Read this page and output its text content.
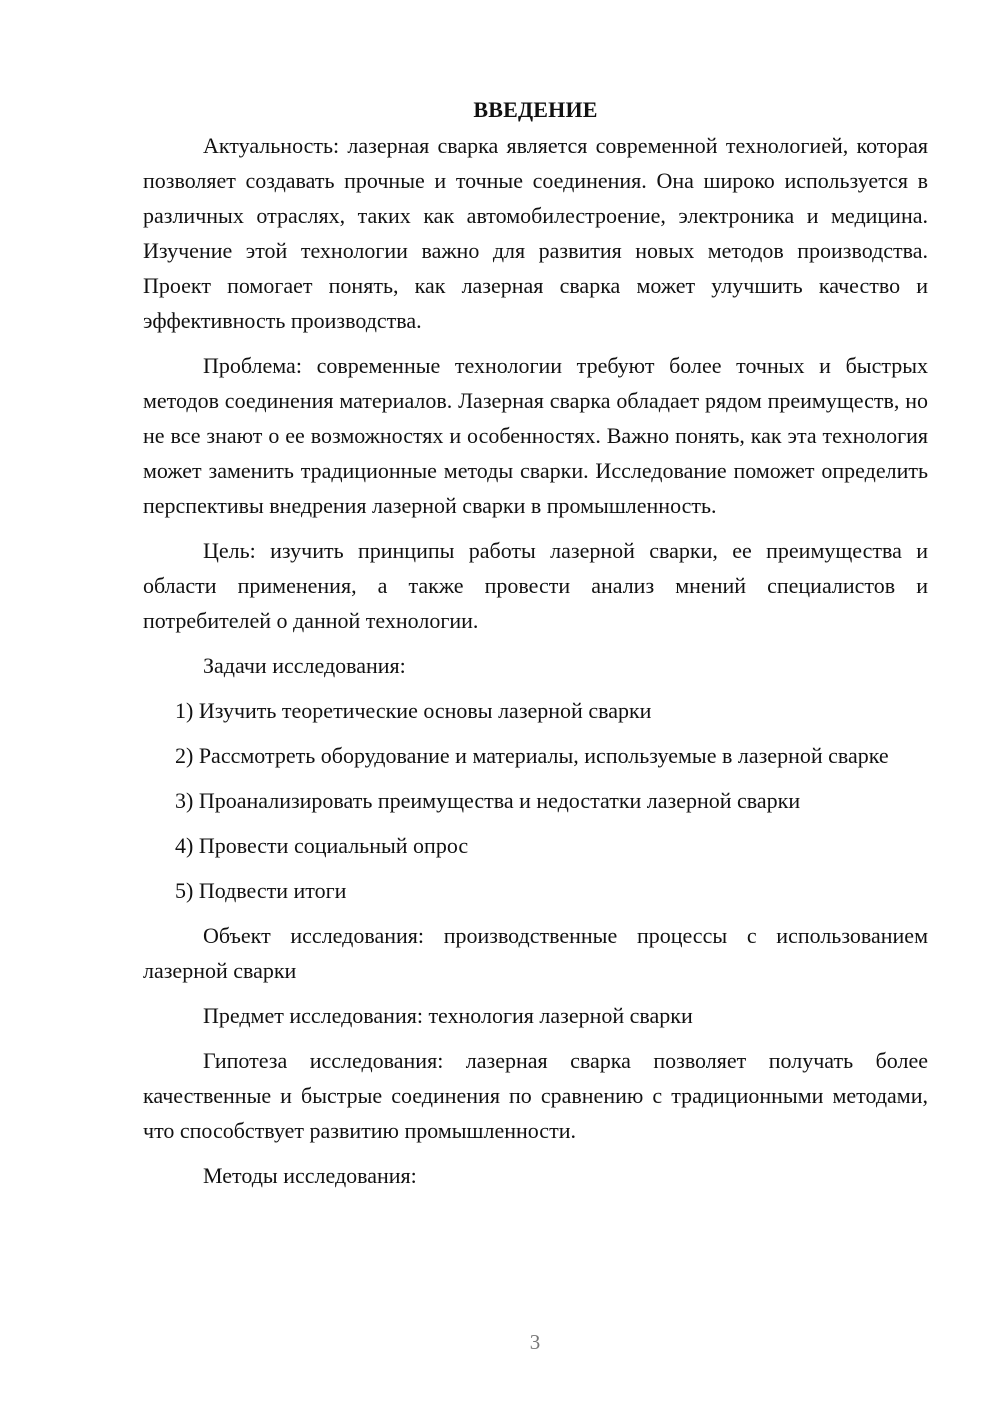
ВВЕДЕНИЕ

Актуальность: лазерная сварка является современной технологией, которая позволяет создавать прочные и точные соединения. Она широко используется в различных отраслях, таких как автомобилестроение, электроника и медицина. Изучение этой технологии важно для развития новых методов производства. Проект помогает понять, как лазерная сварка может улучшить качество и эффективность производства.

Проблема: современные технологии требуют более точных и быстрых методов соединения материалов. Лазерная сварка обладает рядом преимуществ, но не все знают о ее возможностях и особенностях. Важно понять, как эта технология может заменить традиционные методы сварки. Исследование поможет определить перспективы внедрения лазерной сварки в промышленность.

Цель: изучить принципы работы лазерной сварки, ее преимущества и области применения, а также провести анализ мнений специалистов и потребителей о данной технологии.

Задачи исследования:

1) Изучить теоретические основы лазерной сварки

2) Рассмотреть оборудование и материалы, используемые в лазерной сварке

3) Проанализировать преимущества и недостатки лазерной сварки

4) Провести социальный опрос

5) Подвести итоги

Объект исследования: производственные процессы с использованием лазерной сварки

Предмет исследования: технология лазерной сварки

Гипотеза исследования: лазерная сварка позволяет получать более качественные и быстрые соединения по сравнению с традиционными методами, что способствует развитию промышленности.

Методы исследования:

3
